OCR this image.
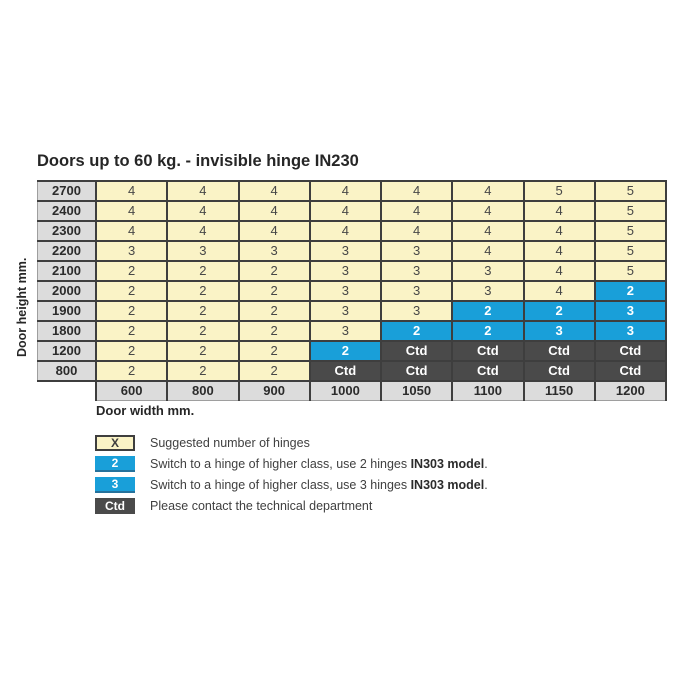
Doors up to 60 kg. - invisible hinge IN230
Door height mm.
2700	4	4	4	4	4	4	5	5
2400	4	4	4	4	4	4	4	5
2300	4	4	4	4	4	4	4	5
2200	3	3	3	3	3	4	4	5
2100	2	2	2	3	3	3	4	5
2000	2	2	2	3	3	3	4	2
1900	2	2	2	3	3	2	2	3
1800	2	2	2	3	2	2	3	3
1200	2	2	2	2	Ctd	Ctd	Ctd	Ctd
800	2	2	2	Ctd	Ctd	Ctd	Ctd	Ctd
	600	800	900	1000	1050	1100	1150	1200
Door width mm.
X	Suggested number of hinges
2	Switch to a hinge of higher class, use 2 hinges IN303 model.
3	Switch to a hinge of higher class, use 3 hinges IN303 model.
Ctd	Please contact the technical department
